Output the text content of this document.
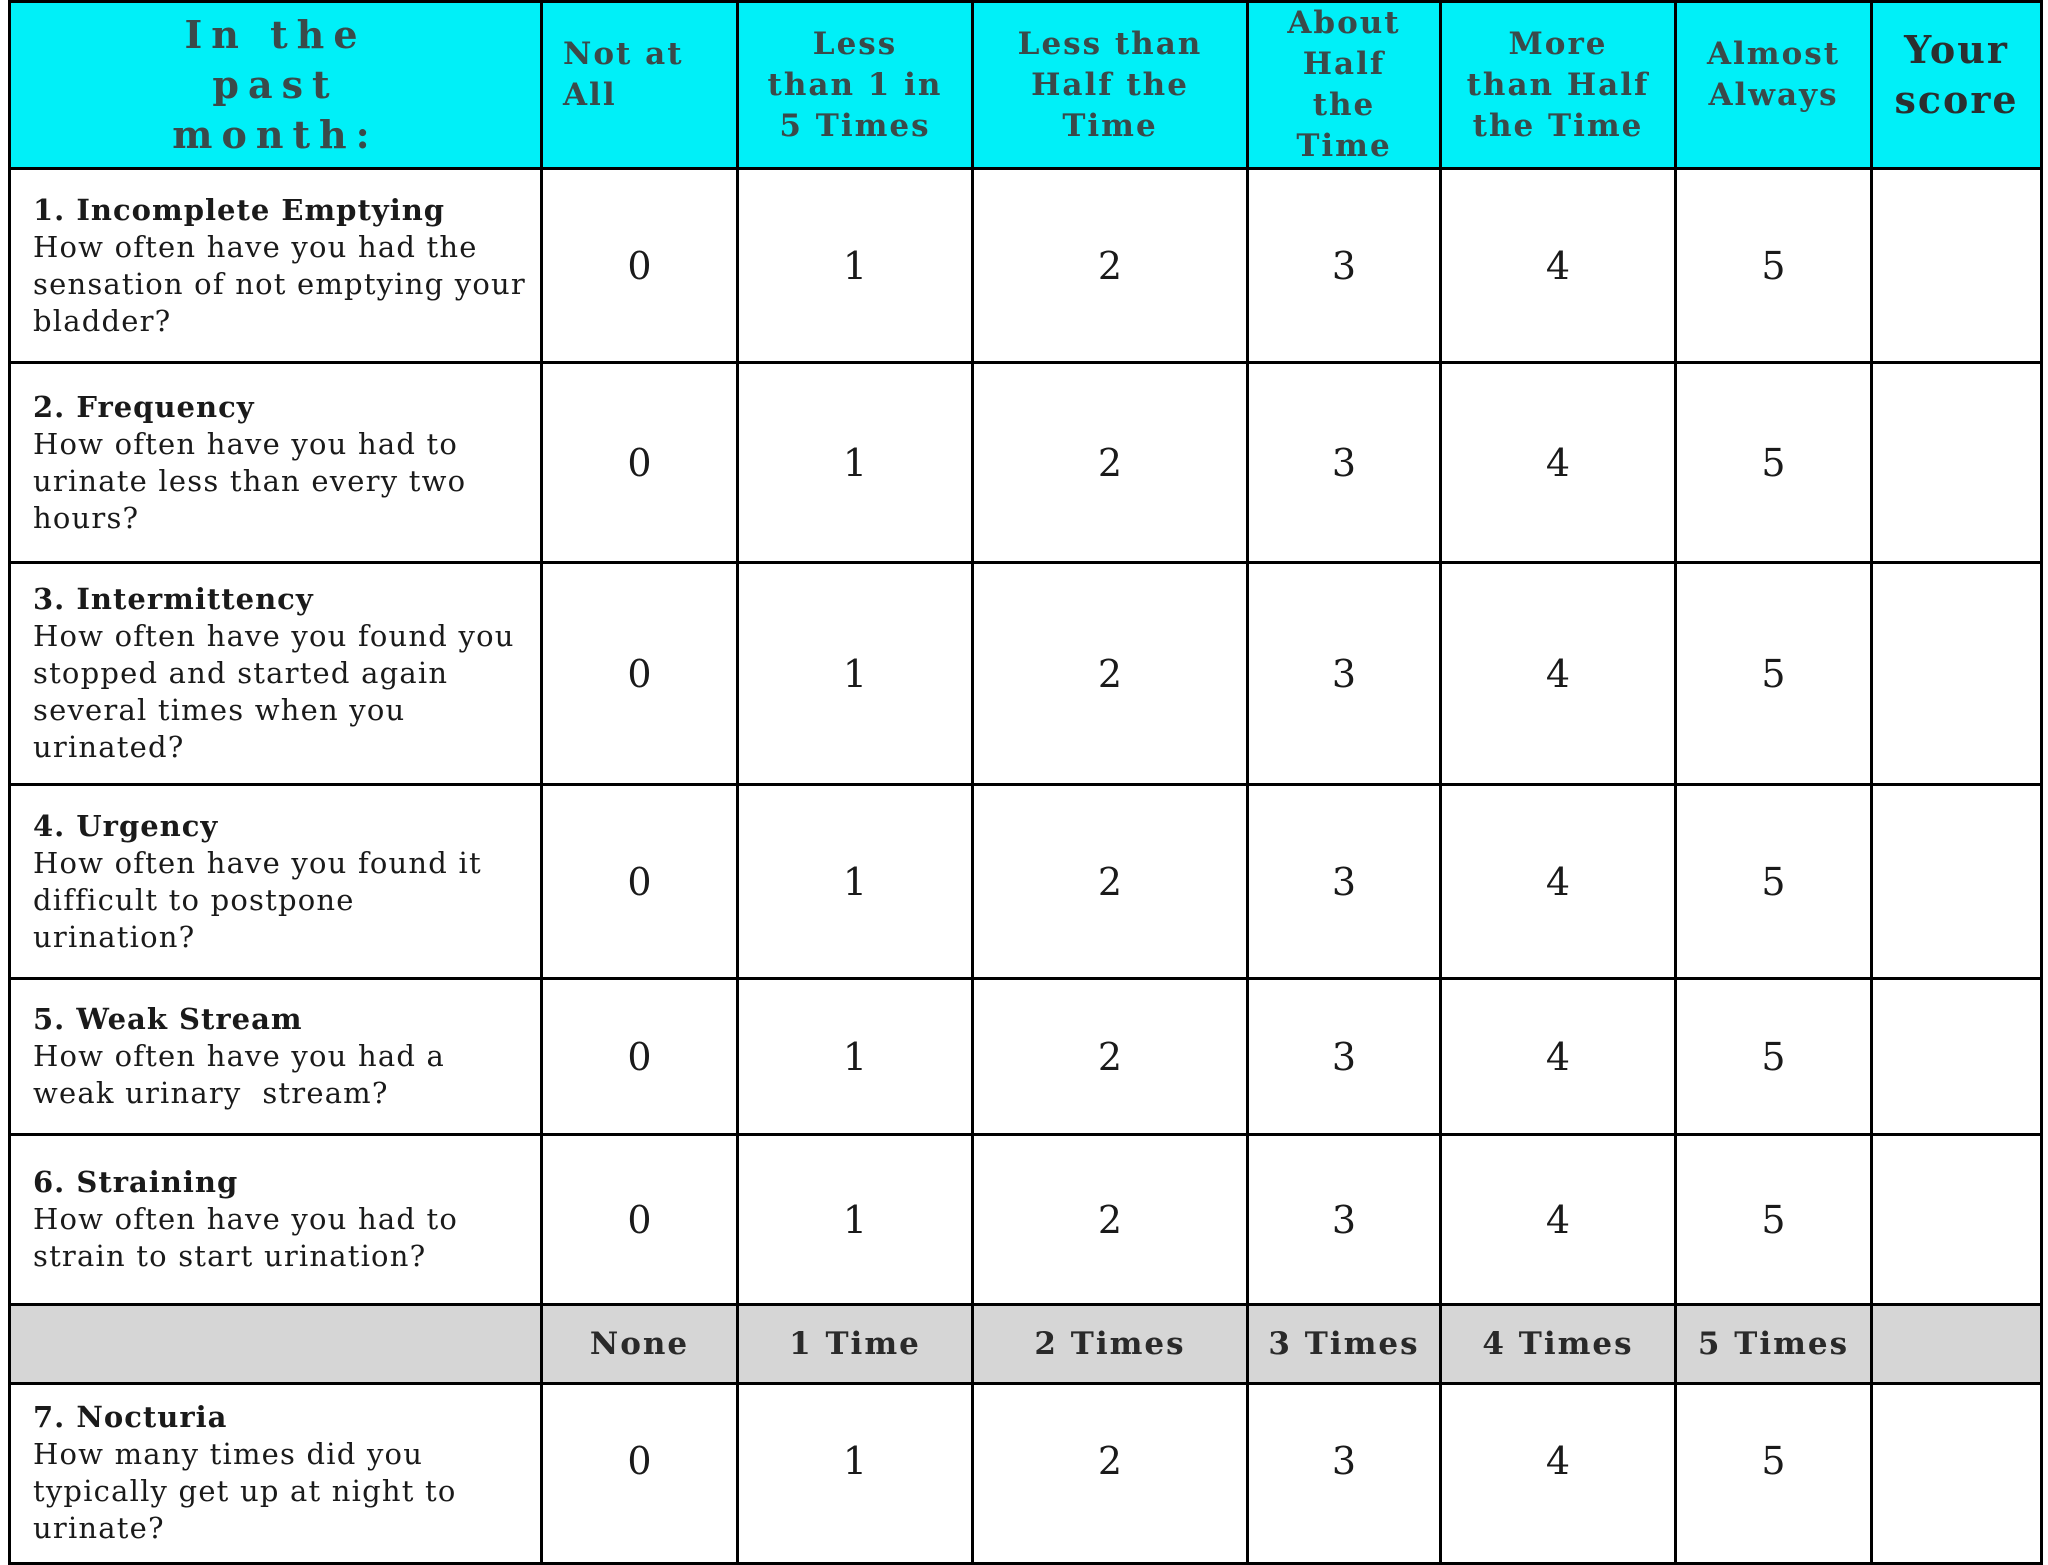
In the past month:	Not at All	Less than 1 in 5 Times	Less than Half the Time	About Half the Time	More than Half the Time	Almost Always	Your score

1. Incomplete Emptying
How often have you had the sensation of not emptying your bladder?	0	1	2	3	4	5	

2. Frequency
How often have you had to urinate less than every two hours?	0	1	2	3	4	5	

3. Intermittency
How often have you found you stopped and started again several times when you urinated?	0	1	2	3	4	5	

4. Urgency
How often have you found it difficult to postpone urination?	0	1	2	3	4	5	

5. Weak Stream
How often have you had a weak urinary  stream?	0	1	2	3	4	5	

6. Straining
How often have you had to strain to start urination?	0	1	2	3	4	5	
	None	1 Time	2 Times	3 Times	4 Times	5 Times	

7. Nocturia
How many times did you typically get up at night to urinate?	0	1	2	3	4	5	
